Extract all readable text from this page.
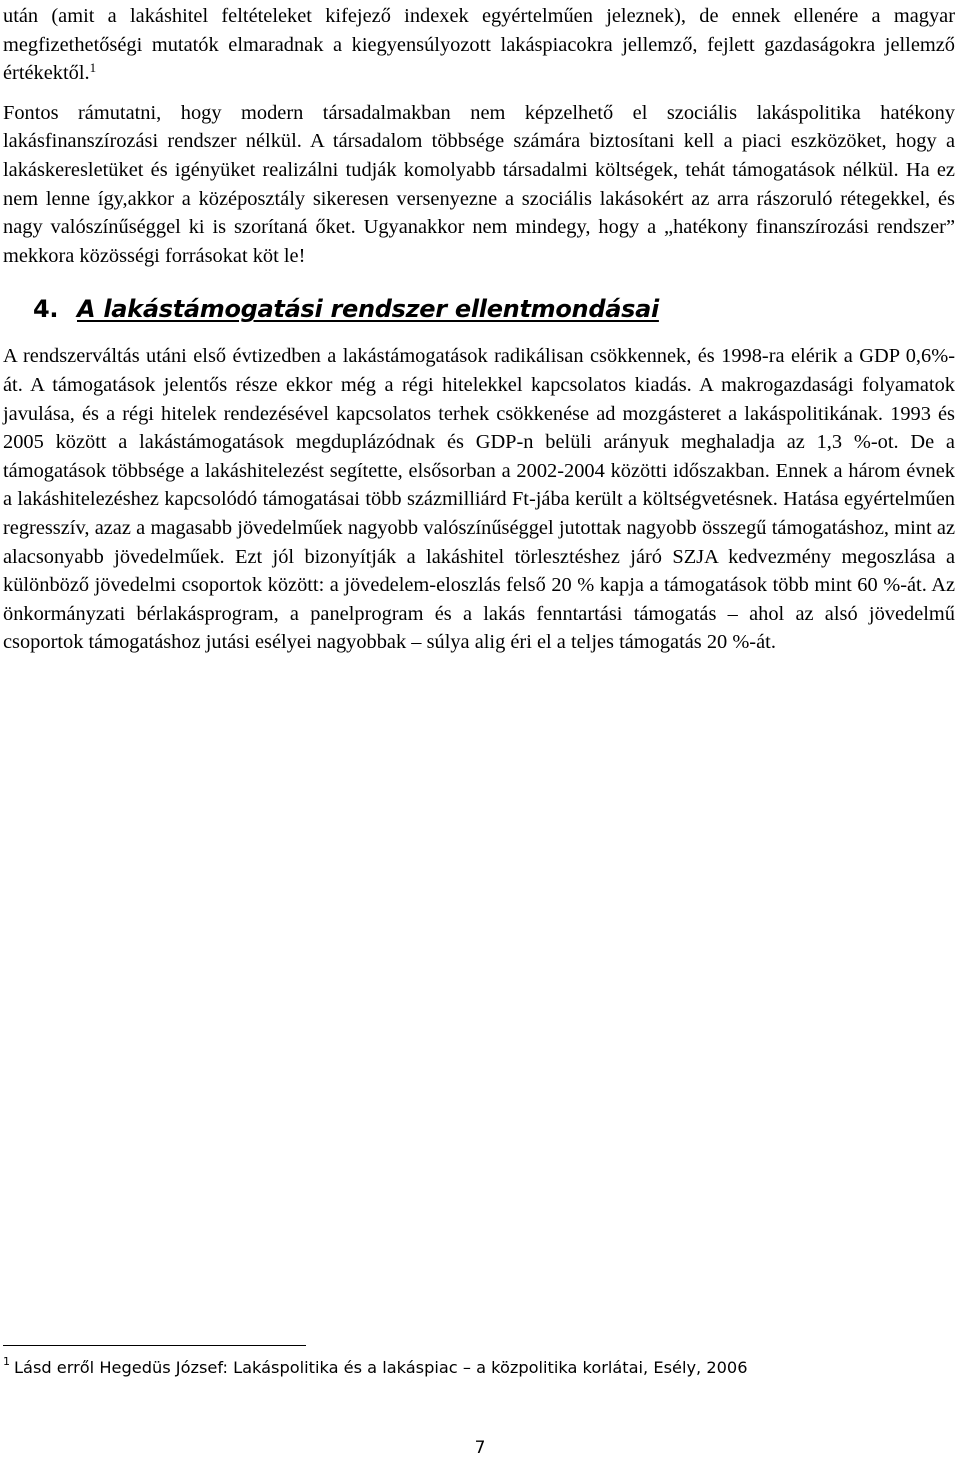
után (amit a lakáshitel feltételeket kifejező indexek egyértelműen jeleznek), de ennek ellenére a magyar megfizethetőségi mutatók elmaradnak a kiegyensúlyozott lakáspiacokra jellemző, fejlett gazdaságokra jellemző értékektől.$^1$

Fontos rámutatni, hogy modern társadalmakban nem képzelhető el szociális lakáspolitika hatékony lakásfinanszírozási rendszer nélkül. A társadalom többsége számára biztosítani kell a piaci eszközöket, hogy a lakáskeresletüket és igényüket realizálni tudják komolyabb társadalmi költségek, tehát támogatások nélkül. Ha ez nem lenne így,akkor a középosztály sikeresen versenyezne a szociális lakásokért az arra rászoruló rétegekkel, és nagy valószínűséggel ki is szorítaná őket. Ugyanakkor nem mindegy, hogy a „hatékony finanszírozási rendszer” mekkora közösségi forrásokat köt le!

4. A lakástámogatási rendszer ellentmondásai

A rendszerváltás utáni első évtizedben a lakástámogatások radikálisan csökkennek, és 1998-ra elérik a GDP 0,6%-át. A támogatások jelentős része ekkor még a régi hitelekkel kapcsolatos kiadás. A makrogazdasági folyamatok javulása, és a régi hitelek rendezésével kapcsolatos terhek csökkenése ad mozgásteret a lakáspolitikának. 1993 és 2005 között a lakástámogatások megduplázódnak és GDP-n belüli arányuk meghaladja az 1,3 %-ot. De a támogatások többsége a lakáshitelezést segítette, elsősorban a 2002-2004 közötti időszakban. Ennek a három évnek a lakáshitelezéshez kapcsolódó támogatásai több százmilliárd Ft-jába került a költségvetésnek. Hatása egyértelműen regresszív, azaz a magasabb jövedelműek nagyobb valószínűséggel jutottak nagyobb összegű támogatáshoz, mint az alacsonyabb jövedelműek. Ezt jól bizonyítják a lakáshitel törlesztéshez járó SZJA kedvezmény megoszlása a különböző jövedelmi csoportok között: a jövedelem-eloszlás felső 20 % kapja a támogatások több mint 60 %-át. Az önkormányzati bérlakásprogram, a panelprogram és a lakás fenntartási támogatás – ahol az alsó jövedelmű csoportok támogatáshoz jutási esélyei nagyobbak – súlya alig éri el a teljes támogatás 20 %-át.

$^1$ Lásd erről Hegedüs József: Lakáspolitika és a lakáspiac – a közpolitika korlátai, Esély, 2006
7
